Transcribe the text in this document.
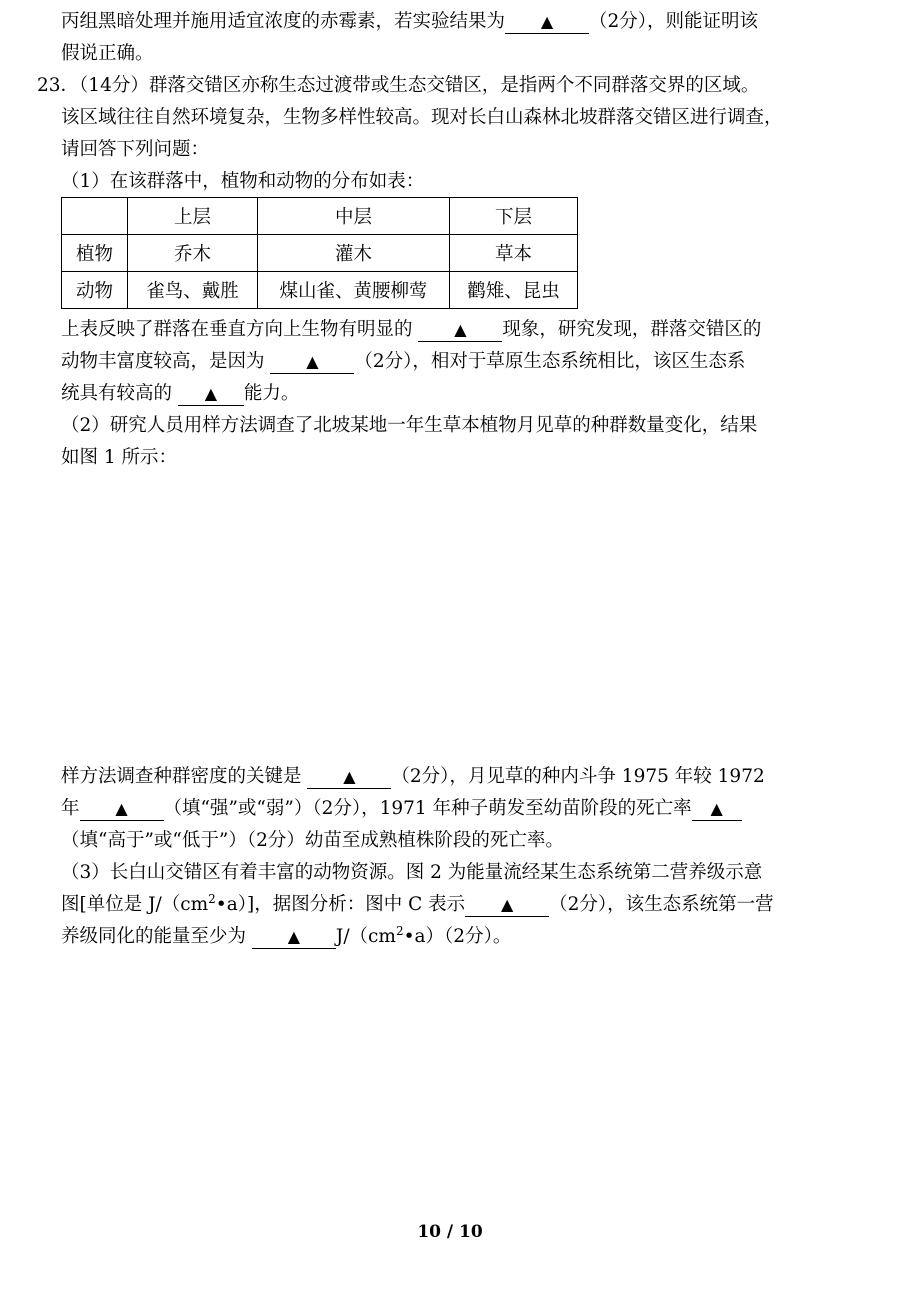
丙组黑暗处理并施用适宜浓度的赤霉素，若实验结果为 ▲ （2分），则能证明该
假说正确。
23．（14分）群落交错区亦称生态过渡带或生态交错区，是指两个不同群落交界的区域。
该区域往往自然环境复杂，生物多样性较高。现对长白山森林北坡群落交错区进行调查，
请回答下列问题：
（1）在该群落中，植物和动物的分布如表：
	上层	中层	下层
植物	乔木	灌木	草本
动物	雀鸟、戴胜	煤山雀、黄腰柳莺	鹳雉、昆虫
上表反映了群落在垂直方向上生物有明显的	▲ 现象，研究发现，群落交错区的
动物丰富度较高，是因为	▲ （2分），相对于草原生态系统相比，该区生态系
统具有较高的 ▲ 能力。
（2）研究人员用样方法调查了北坡某地一年生草本植物月见草的种群数量变化，结果
如图 1 所示：
样方法调查种群密度的关键是	▲ （2分），月见草的种内斗争 1975 年较 1972
年 ▲ （填“强”或“弱”）（2分），1971 年种子萌发至幼苗阶段的死亡率 ▲
（填“高于”或“低于”）（2分）幼苗至成熟植株阶段的死亡率。
（3）长白山交错区有着丰富的动物资源。图 2 为能量流经某生态系统第二营养级示意
图[单位是 $J/(cm^2•a)$]，据图分析：图中 C 表示 ▲ （2分），该生态系统第一营
养级同化的能量至少为	▲ $J/(cm^2•a)(2$分）。
10 / 10
